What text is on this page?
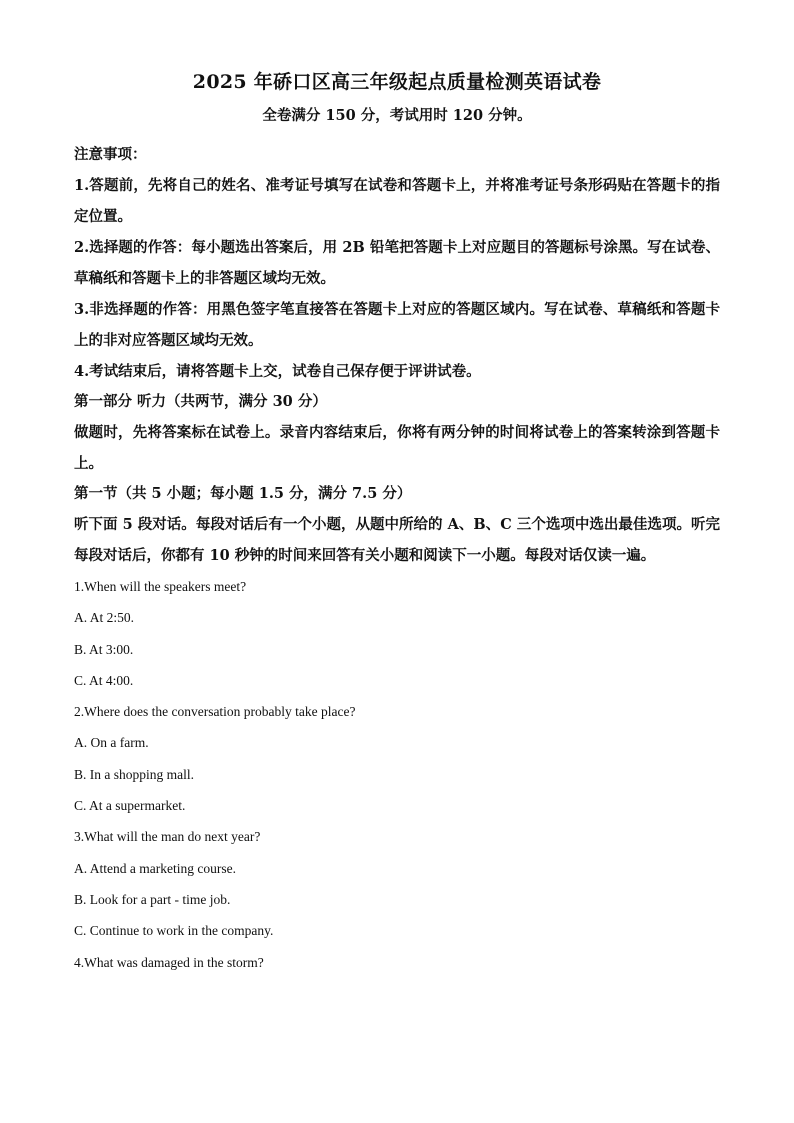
2025 年硚口区高三年级起点质量检测英语试卷

全卷满分 150 分，考试用时 120 分钟。

注意事项：

1.答题前，先将自己的姓名、准考证号填写在试卷和答题卡上，并将准考证号条形码贴在答题卡的指定位置。

2.选择题的作答：每小题选出答案后，用 2B 铅笔把答题卡上对应题目的答题标号涂黑。写在试卷、草稿纸和答题卡上的非答题区域均无效。

3.非选择题的作答：用黑色签字笔直接答在答题卡上对应的答题区域内。写在试卷、草稿纸和答题卡上的非对应答题区域均无效。

4.考试结束后，请将答题卡上交，试卷自己保存便于评讲试卷。

第一部分 听力（共两节，满分 30 分）

做题时，先将答案标在试卷上。录音内容结束后，你将有两分钟的时间将试卷上的答案转涂到答题卡上。

第一节（共 5 小题；每小题 1.5 分，满分 7.5 分）

听下面 5 段对话。每段对话后有一个小题，从题中所给的 A、B、C 三个选项中选出最佳选项。听完每段对话后，你都有 10 秒钟的时间来回答有关小题和阅读下一小题。每段对话仅读一遍。

1.When will the speakers meet?

A. At 2:50.

B. At 3:00.

C. At 4:00.

2.Where does the conversation probably take place?

A. On a farm.

B. In a shopping mall.

C. At a supermarket.

3.What will the man do next year?

A. Attend a marketing course.

B. Look for a part - time job.

C. Continue to work in the company.

4.What was damaged in the storm?
